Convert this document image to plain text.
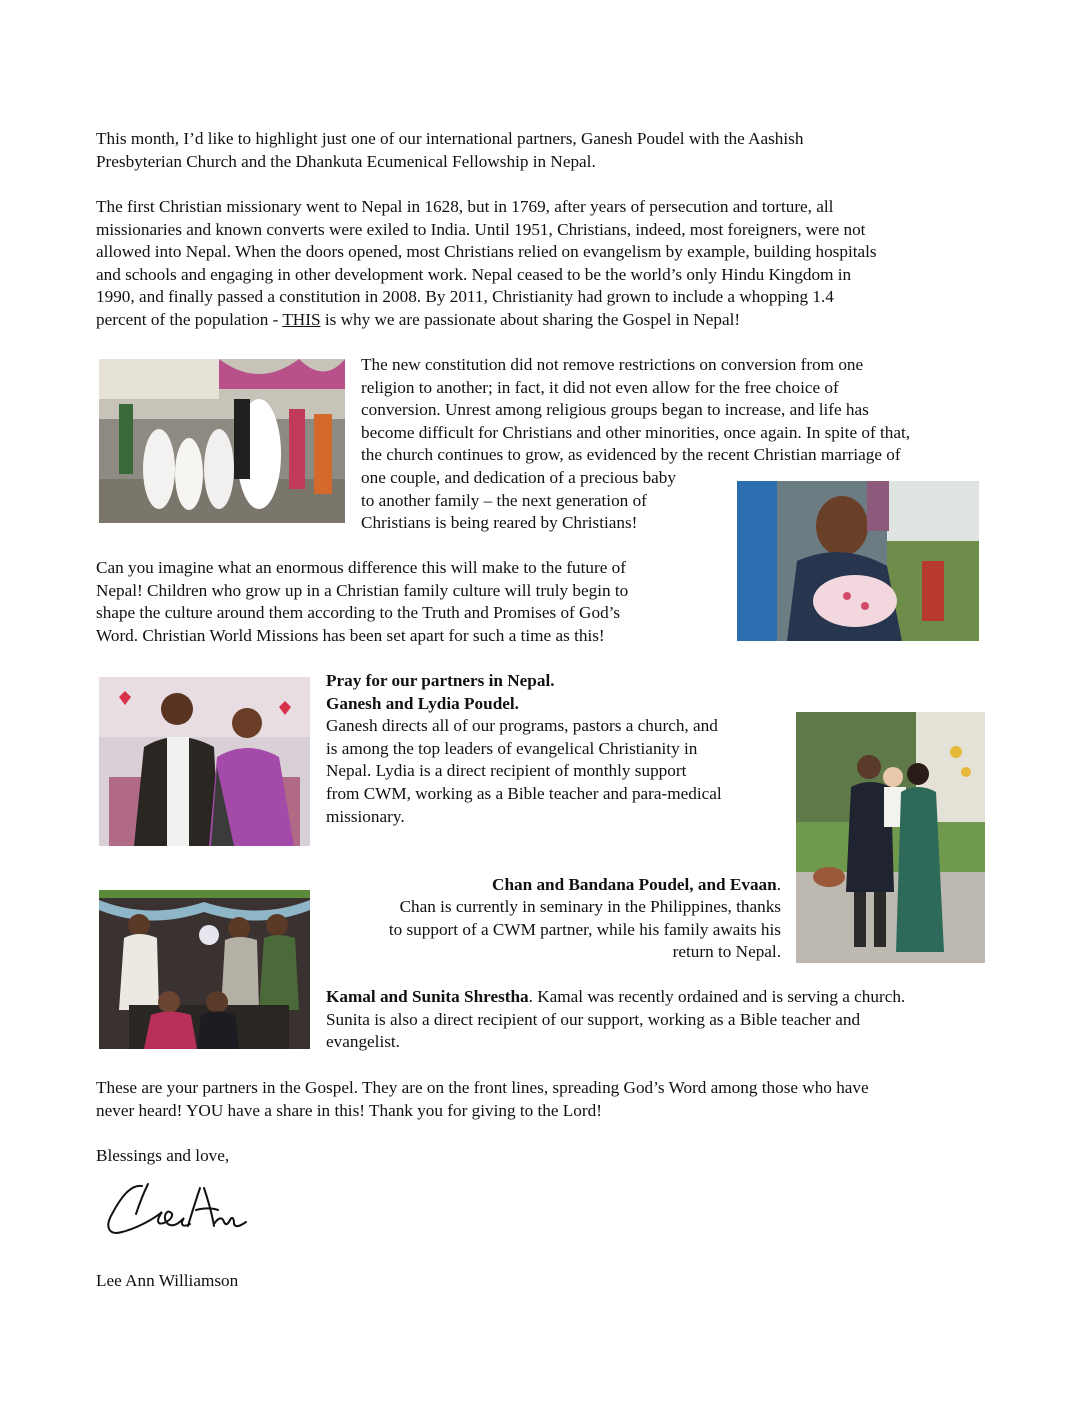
This month, I’d like to highlight just one of our international partners, Ganesh Poudel with the Aashish

Presbyterian Church and the Dhankuta Ecumenical Fellowship in Nepal.

The first Christian missionary went to Nepal in 1628, but in 1769, after years of persecution and torture, all

missionaries and known converts were exiled to India. Until 1951, Christians, indeed, most foreigners, were not

allowed into Nepal. When the doors opened, most Christians relied on evangelism by example, building hospitals

and schools and engaging in other development work. Nepal ceased to be the world’s only Hindu Kingdom in

1990, and finally passed a constitution in 2008. By 2011, Christianity had grown to include a whopping 1.4

percent of the population - THIS is why we are passionate about sharing the Gospel in Nepal!

The new constitution did not remove restrictions on conversion from one

religion to another; in fact, it did not even allow for the free choice of

conversion. Unrest among religious groups began to increase, and life has

become difficult for Christians and other minorities, once again. In spite of that,

the church continues to grow, as evidenced by the recent Christian marriage of

one couple, and dedication of a precious baby

to another family – the next generation of

Christians is being reared by Christians!

Can you imagine what an enormous difference this will make to the future of

Nepal! Children who grow up in a Christian family culture will truly begin to

shape the culture around them according to the Truth and Promises of God’s

Word. Christian World Missions has been set apart for such a time as this!

Pray for our partners in Nepal.

Ganesh and Lydia Poudel.

Ganesh directs all of our programs, pastors a church, and

is among the top leaders of evangelical Christianity in

Nepal. Lydia is a direct recipient of monthly support

from CWM, working as a Bible teacher and para-medical

missionary.

Chan and Bandana Poudel, and Evaan.

Chan is currently in seminary in the Philippines, thanks

to support of a CWM partner, while his family awaits his

return to Nepal.

Kamal and Sunita Shrestha. Kamal was recently ordained and is serving a church.

Sunita is also a direct recipient of our support, working as a Bible teacher and

evangelist.

These are your partners in the Gospel. They are on the front lines, spreading God’s Word among those who have

never heard! YOU have a share in this! Thank you for giving to the Lord!

Blessings and love,

Lee Ann Williamson
